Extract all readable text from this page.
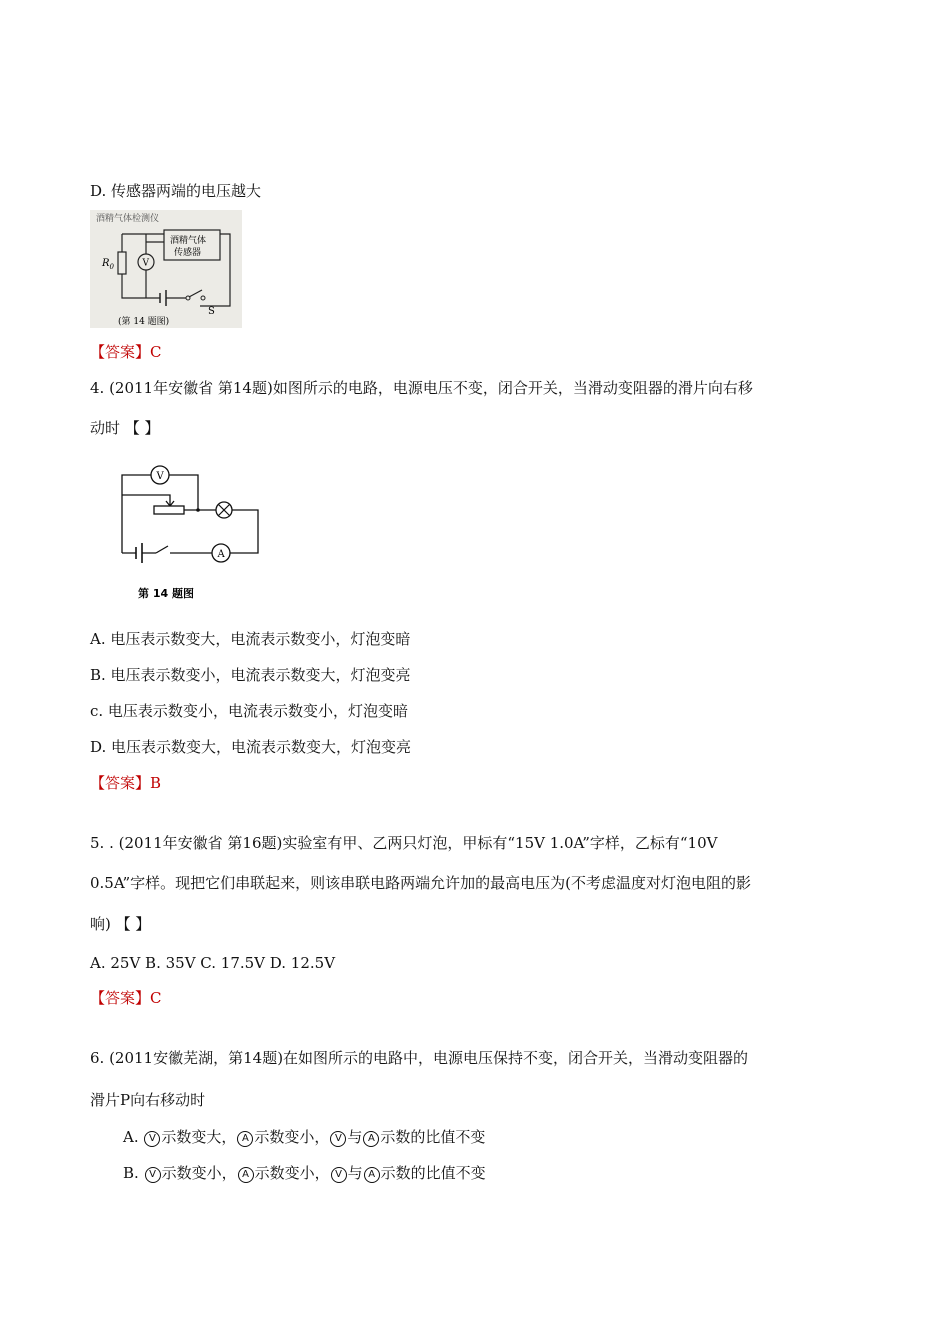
D. 传感器两端的电压越大
酒精气体检测仪
$R_0$	V
酒精气体
传感器
S
(第 14 题图)
【答案】C
4. (2011年安徽省 第14题)如图所示的电路，电源电压不变，闭合开关，当滑动变阻器的滑片向右移
动时 【 】
V
A
第 14 题图
A. 电压表示数变大，电流表示数变小，灯泡变暗
B. 电压表示数变小，电流表示数变大，灯泡变亮
c. 电压表示数变小，电流表示数变小，灯泡变暗
D. 电压表示数变大，电流表示数变大，灯泡变亮
【答案】B
5. . (2011年安徽省 第16题)实验室有甲、乙两只灯泡，甲标有“15V 1.0A”字样，乙标有“10V
0.5A”字样。现把它们串联起来，则该串联电路两端允许加的最高电压为(不考虑温度对灯泡电阻的影
响) 【 】
A. 25V B. 35V C. 17.5V D. 12.5V
【答案】C
6. (2011安徽芜湖，第14题)在如图所示的电路中，电源电压保持不变，闭合开关，当滑动变阻器的
滑片P向右移动时
A. V 示数变大， A 示数变小， V 与 A 示数的比值不变
B. V 示数变小， A 示数变小， V 与 A 示数的比值不变
